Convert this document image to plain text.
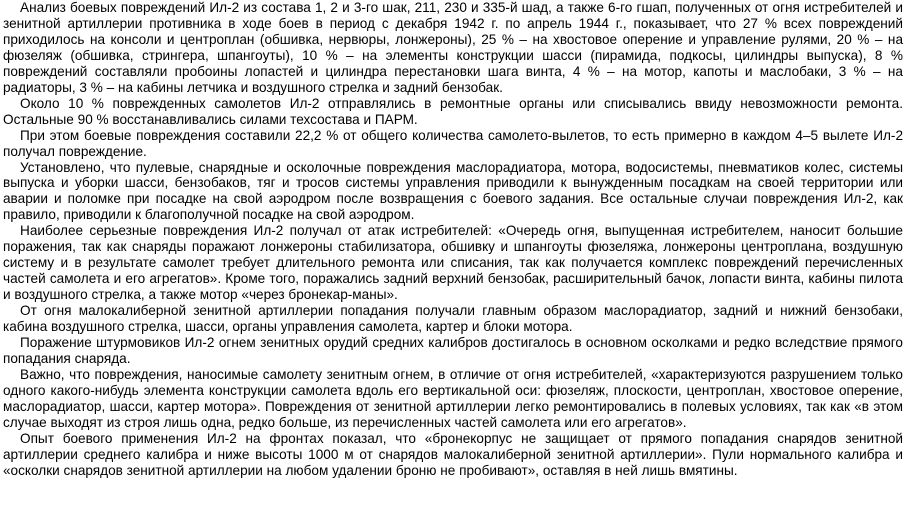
Анализ боевых повреждений Ил-2 из состава 1, 2 и 3-го шак, 211, 230 и 335-й шад, а также 6-го гшап, полученных от огня истребителей и зенитной артиллерии противника в ходе боев в период с декабря 1942 г. по апрель 1944 г., показывает, что 27 % всех повреждений приходилось на консоли и центроплан (обшивка, нервюры, лонжероны), 25 % – на хвостовое оперение и управление рулями, 20 % – на фюзеляж (обшивка, стрингера, шпангоуты), 10 % – на элементы конструкции шасси (пирамида, подкосы, цилиндры выпуска), 8 % повреждений составляли пробоины лопастей и цилиндра перестановки шага винта, 4 % – на мотор, капоты и маслобаки, 3 % – на радиаторы, 3 % – на кабины летчика и воздушного стрелка и задний бензобак.

Около 10 % поврежденных самолетов Ил-2 отправлялись в ремонтные органы или списывались ввиду невозможности ремонта. Остальные 90 % восстанавливались силами техсостава и ПАРМ.

При этом боевые повреждения составили 22,2 % от общего количества самолето-вылетов, то есть примерно в каждом 4–5 вылете Ил-2 получал повреждение.

Установлено, что пулевые, снарядные и осколочные повреждения маслорадиатора, мотора, водосистемы, пневматиков колес, системы выпуска и уборки шасси, бензобаков, тяг и тросов системы управления приводили к вынужденным посадкам на своей территории или аварии и поломке при посадке на свой аэродром после возвращения с боевого задания. Все остальные случаи повреждения Ил-2, как правило, приводили к благополучной посадке на свой аэродром.

Наиболее серьезные повреждения Ил-2 получал от атак истребителей: «Очередь огня, выпущенная истребителем, наносит большие поражения, так как снаряды поражают лонжероны стабилизатора, обшивку и шпангоуты фюзеляжа, лонжероны центроплана, воздушную систему и в результате самолет требует длительного ремонта или списания, так как получается комплекс повреждений перечисленных частей самолета и его агрегатов». Кроме того, поражались задний верхний бензобак, расширительный бачок, лопасти винта, кабины пилота и воздушного стрелка, а также мотор «через бронекар-маны».

От огня малокалиберной зенитной артиллерии попадания получали главным образом маслорадиатор, задний и нижний бензобаки, кабина воздушного стрелка, шасси, органы управления самолета, картер и блоки мотора.

Поражение штурмовиков Ил-2 огнем зенитных орудий средних калибров достигалось в основном осколками и редко вследствие прямого попадания снаряда.

Важно, что повреждения, наносимые самолету зенитным огнем, в отличие от огня истребителей, «характеризуются разрушением только одного какого-нибудь элемента конструкции самолета вдоль его вертикальной оси: фюзеляж, плоскости, центроплан, хвостовое оперение, маслорадиатор, шасси, картер мотора». Повреждения от зенитной артиллерии легко ремонтировались в полевых условиях, так как «в этом случае выходят из строя лишь одна, редко больше, из перечисленных частей самолета или его агрегатов».

Опыт боевого применения Ил-2 на фронтах показал, что «бронекорпус не защищает от прямого попадания снарядов зенитной артиллерии среднего калибра и ниже высоты 1000 м от снарядов малокалиберной зенитной артиллерии». Пули нормального калибра и «осколки снарядов зенитной артиллерии на любом удалении броню не пробивают», оставляя в ней лишь вмятины.
